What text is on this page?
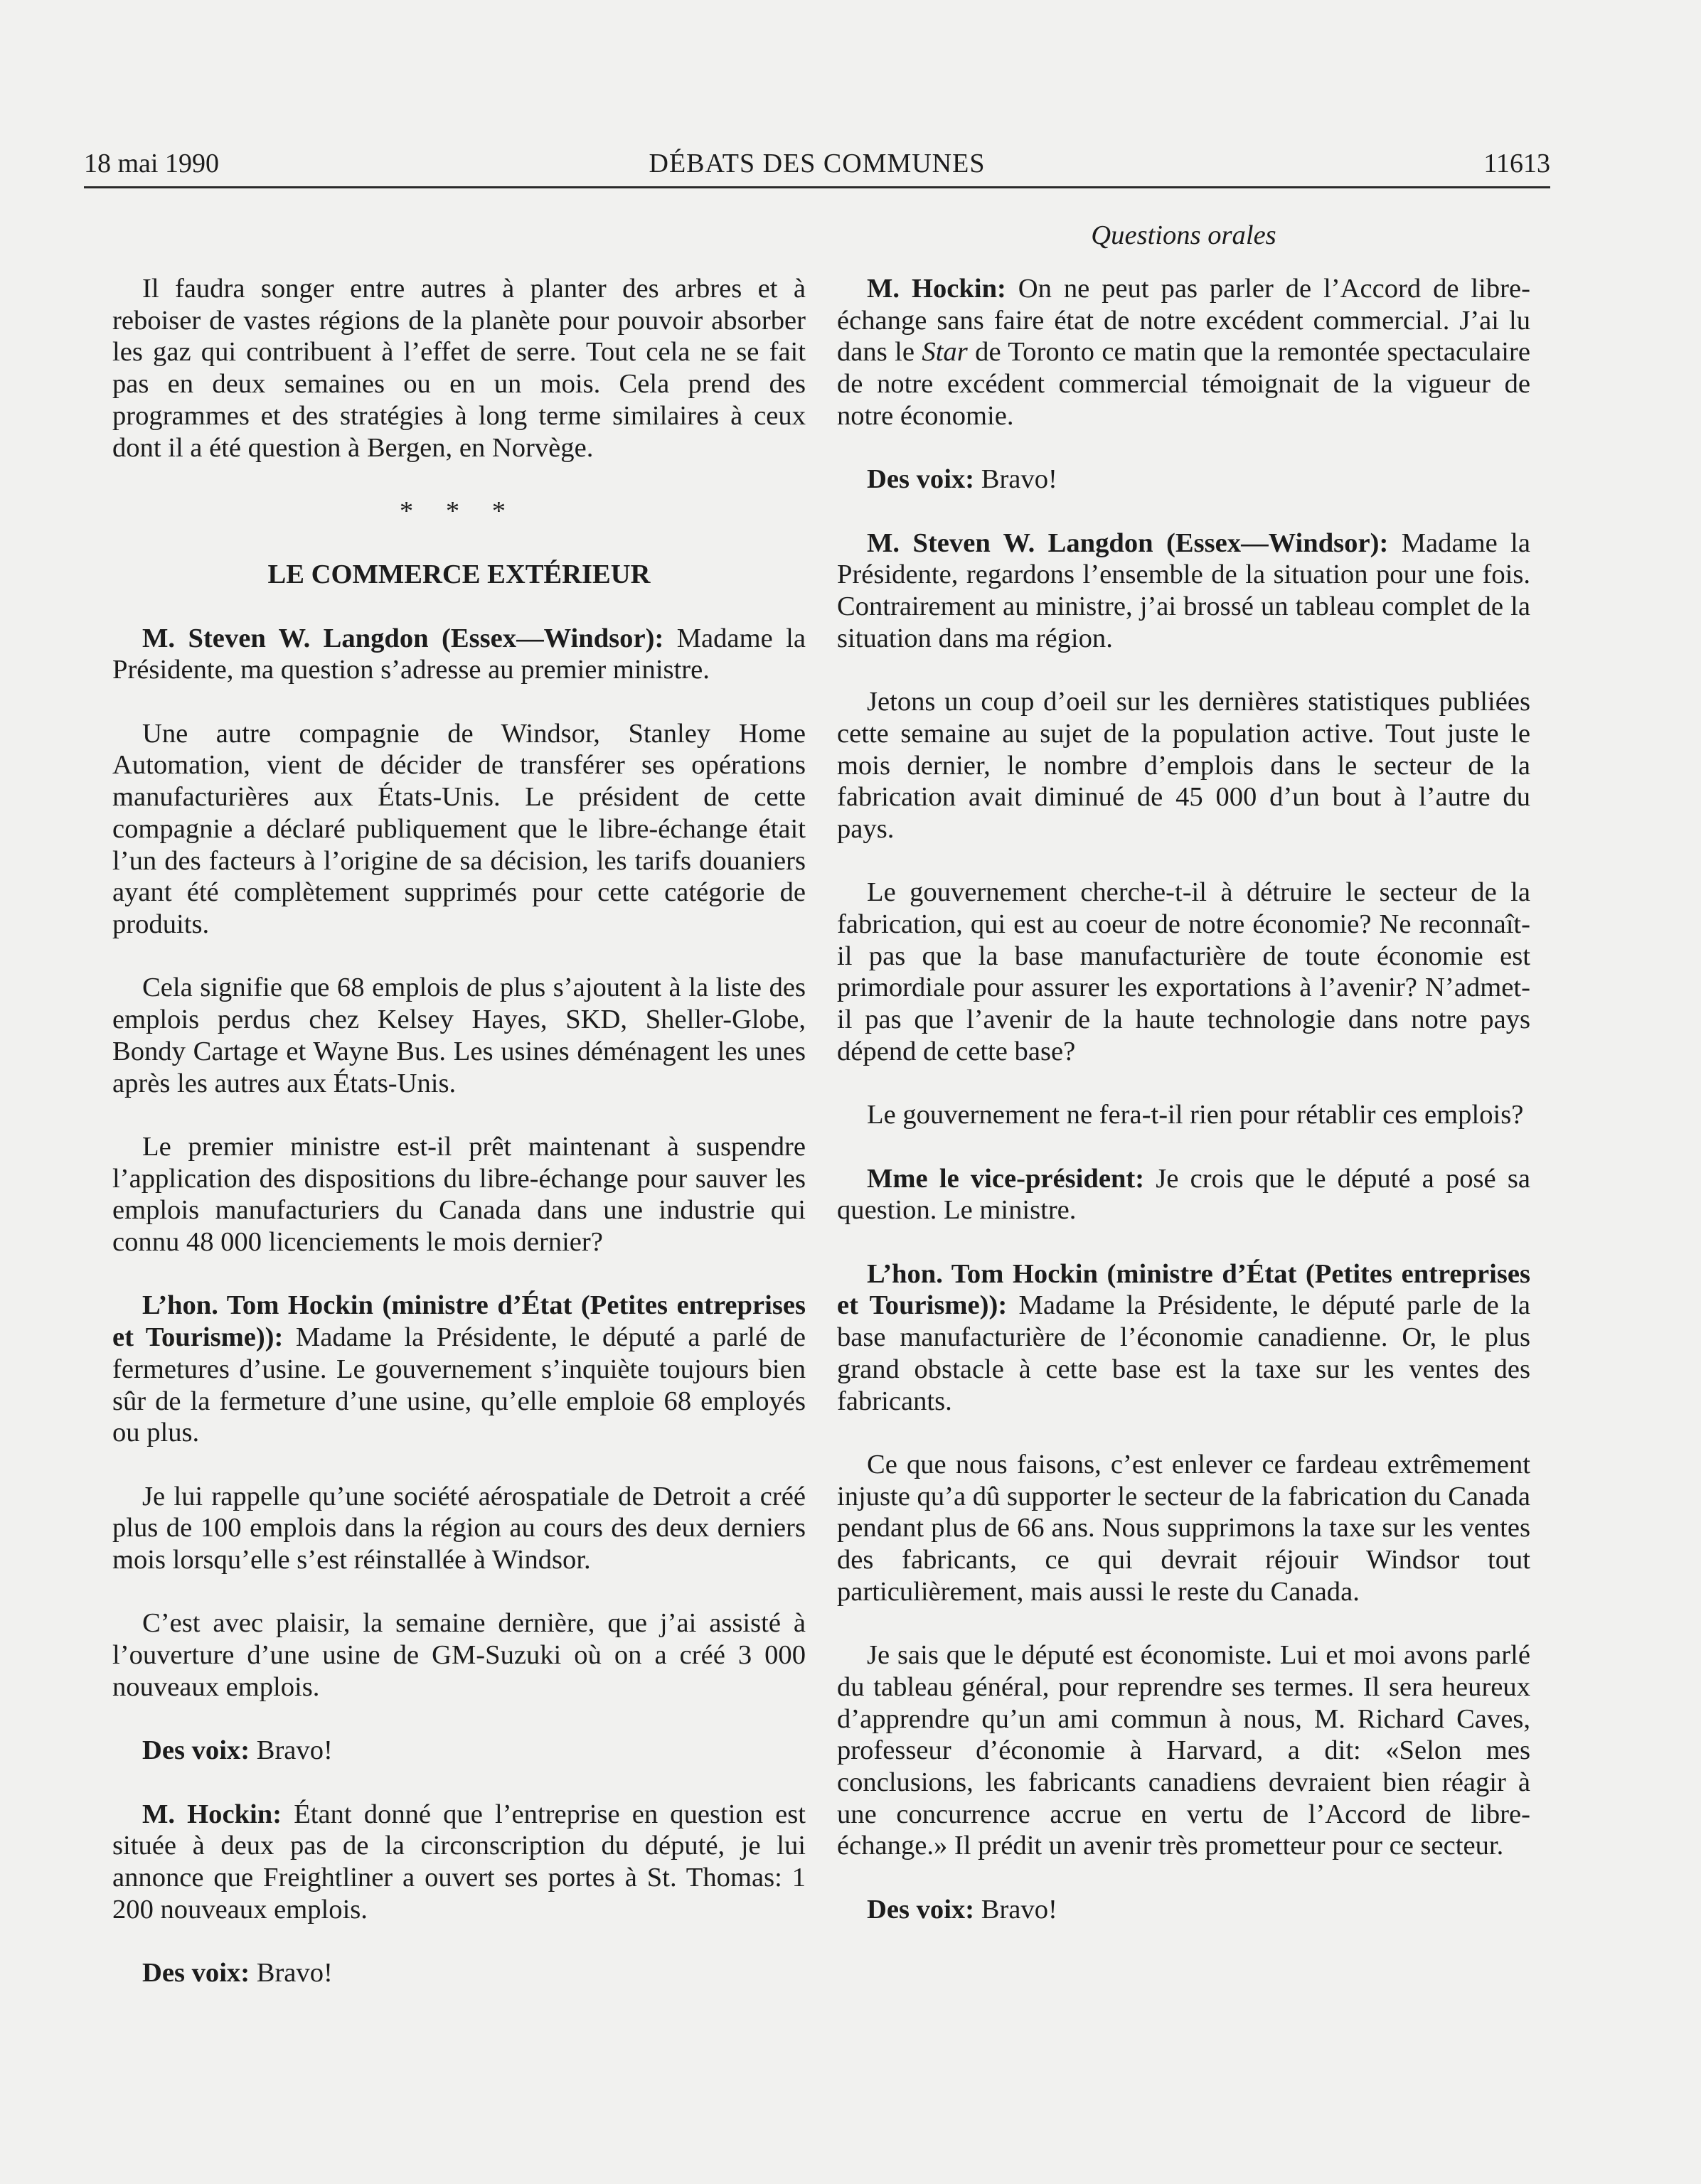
18 mai 1990	DÉBATS DES COMMUNES	11613
Questions orales

Il faudra songer entre autres à planter des arbres et à reboiser de vastes régions de la planète pour pouvoir absorber les gaz qui contribuent à l’effet de serre. Tout cela ne se fait pas en deux semaines ou en un mois. Cela prend des programmes et des stratégies à long terme similaires à ceux dont il a été question à Bergen, en Norvège.

* * *
LE COMMERCE EXTÉRIEUR

M. Steven W. Langdon (Essex—Windsor): Madame la Présidente, ma question s’adresse au premier ministre.

Une autre compagnie de Windsor, Stanley Home Automation, vient de décider de transférer ses opérations manufacturières aux États-Unis. Le président de cette compagnie a déclaré publiquement que le libre-échange était l’un des facteurs à l’origine de sa décision, les tarifs douaniers ayant été complètement supprimés pour cette catégorie de produits.

Cela signifie que 68 emplois de plus s’ajoutent à la liste des emplois perdus chez Kelsey Hayes, SKD, Sheller-Globe, Bondy Cartage et Wayne Bus. Les usines déménagent les unes après les autres aux États-Unis.

Le premier ministre est-il prêt maintenant à suspendre l’application des dispositions du libre-échange pour sauver les emplois manufacturiers du Canada dans une industrie qui connu 48 000 licenciements le mois dernier?

L’hon. Tom Hockin (ministre d’État (Petites entreprises et Tourisme)): Madame la Présidente, le député a parlé de fermetures d’usine. Le gouvernement s’inquiète toujours bien sûr de la fermeture d’une usine, qu’elle emploie 68 employés ou plus.

Je lui rappelle qu’une société aérospatiale de Detroit a créé plus de 100 emplois dans la région au cours des deux derniers mois lorsqu’elle s’est réinstallée à Windsor.

C’est avec plaisir, la semaine dernière, que j’ai assisté à l’ouverture d’une usine de GM-Suzuki où on a créé 3 000 nouveaux emplois.

Des voix: Bravo!

M. Hockin: Étant donné que l’entreprise en question est située à deux pas de la circonscription du député, je lui annonce que Freightliner a ouvert ses portes à St. Thomas: 1 200 nouveaux emplois.

Des voix: Bravo!

M. Hockin: On ne peut pas parler de l’Accord de libre-échange sans faire état de notre excédent commercial. J’ai lu dans le Star de Toronto ce matin que la remontée spectaculaire de notre excédent commercial témoignait de la vigueur de notre économie.

Des voix: Bravo!

M. Steven W. Langdon (Essex—Windsor): Madame la Présidente, regardons l’ensemble de la situation pour une fois. Contrairement au ministre, j’ai brossé un tableau complet de la situation dans ma région.

Jetons un coup d’oeil sur les dernières statistiques publiées cette semaine au sujet de la population active. Tout juste le mois dernier, le nombre d’emplois dans le secteur de la fabrication avait diminué de 45 000 d’un bout à l’autre du pays.

Le gouvernement cherche-t-il à détruire le secteur de la fabrication, qui est au coeur de notre économie? Ne reconnaît-il pas que la base manufacturière de toute économie est primordiale pour assurer les exportations à l’avenir? N’admet-il pas que l’avenir de la haute technologie dans notre pays dépend de cette base?

Le gouvernement ne fera-t-il rien pour rétablir ces emplois?

Mme le vice-président: Je crois que le député a posé sa question. Le ministre.

L’hon. Tom Hockin (ministre d’État (Petites entreprises et Tourisme)): Madame la Présidente, le député parle de la base manufacturière de l’économie canadienne. Or, le plus grand obstacle à cette base est la taxe sur les ventes des fabricants.

Ce que nous faisons, c’est enlever ce fardeau extrêmement injuste qu’a dû supporter le secteur de la fabrication du Canada pendant plus de 66 ans. Nous supprimons la taxe sur les ventes des fabricants, ce qui devrait réjouir Windsor tout particulièrement, mais aussi le reste du Canada.

Je sais que le député est économiste. Lui et moi avons parlé du tableau général, pour reprendre ses termes. Il sera heureux d’apprendre qu’un ami commun à nous, M. Richard Caves, professeur d’économie à Harvard, a dit: «Selon mes conclusions, les fabricants canadiens devraient bien réagir à une concurrence accrue en vertu de l’Accord de libre-échange.» Il prédit un avenir très prometteur pour ce secteur.

Des voix: Bravo!
